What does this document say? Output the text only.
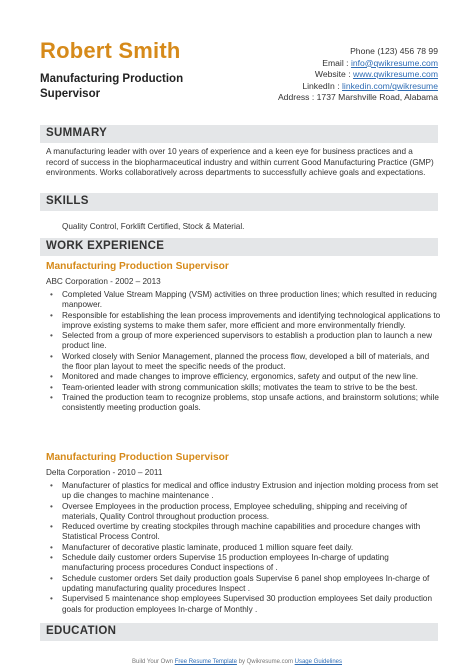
Robert Smith
Manufacturing Production Supervisor
Phone (123) 456 78 99
Email : info@qwikresume.com
Website : www.qwikresume.com
LinkedIn : linkedin.com/qwikresume
Address : 1737 Marshville Road, Alabama
SUMMARY
A manufacturing leader with over 10 years of experience and a keen eye for business practices and a record of success in the biopharmaceutical industry and within current Good Manufacturing Practice (GMP) environments. Works collaboratively across departments to successfully achieve goals and expectations.
SKILLS
Quality Control, Forklift Certified, Stock & Material.
WORK EXPERIENCE
Manufacturing Production Supervisor
ABC Corporation - 2002 – 2013
• Completed Value Stream Mapping (VSM) activities on three production lines; which resulted in reducing manpower.
• Responsible for establishing the lean process improvements and identifying technological applications to improve existing systems to make them safer, more efficient and more environmentally friendly.
• Selected from a group of more experienced supervisors to establish a production plan to launch a new product line.
• Worked closely with Senior Management, planned the process flow, developed a bill of materials, and the floor plan layout to meet the specific needs of the product.
• Monitored and made changes to improve efficiency, ergonomics, safety and output of the new line.
• Team-oriented leader with strong communication skills; motivates the team to strive to be the best.
• Trained the production team to recognize problems, stop unsafe actions, and brainstorm solutions; while consistently meeting production goals.
Manufacturing Production Supervisor
Delta Corporation - 2010 – 2011
• Manufacturer of plastics for medical and office industry Extrusion and injection molding process from set up die changes to machine maintenance .
• Oversee Employees in the production process, Employee scheduling, shipping and receiving of materials, Quality Control throughout production process.
• Reduced overtime by creating stockpiles through machine capabilities and procedure changes with Statistical Process Control.
• Manufacturer of decorative plastic laminate, produced 1 million square feet daily.
• Schedule daily customer orders Supervise 15 production employees In-charge of updating manufacturing process procedures Conduct inspections of .
• Schedule customer orders Set daily production goals Supervise 6 panel shop employees In-charge of updating manufacturing quality procedures Inspect .
• Supervised 5 maintenance shop employees Supervised 30 production employees Set daily production goals for production employees In-charge of Monthly .
EDUCATION
Build Your Own Free Resume Template by Qwikresume.com Usage Guidelines
